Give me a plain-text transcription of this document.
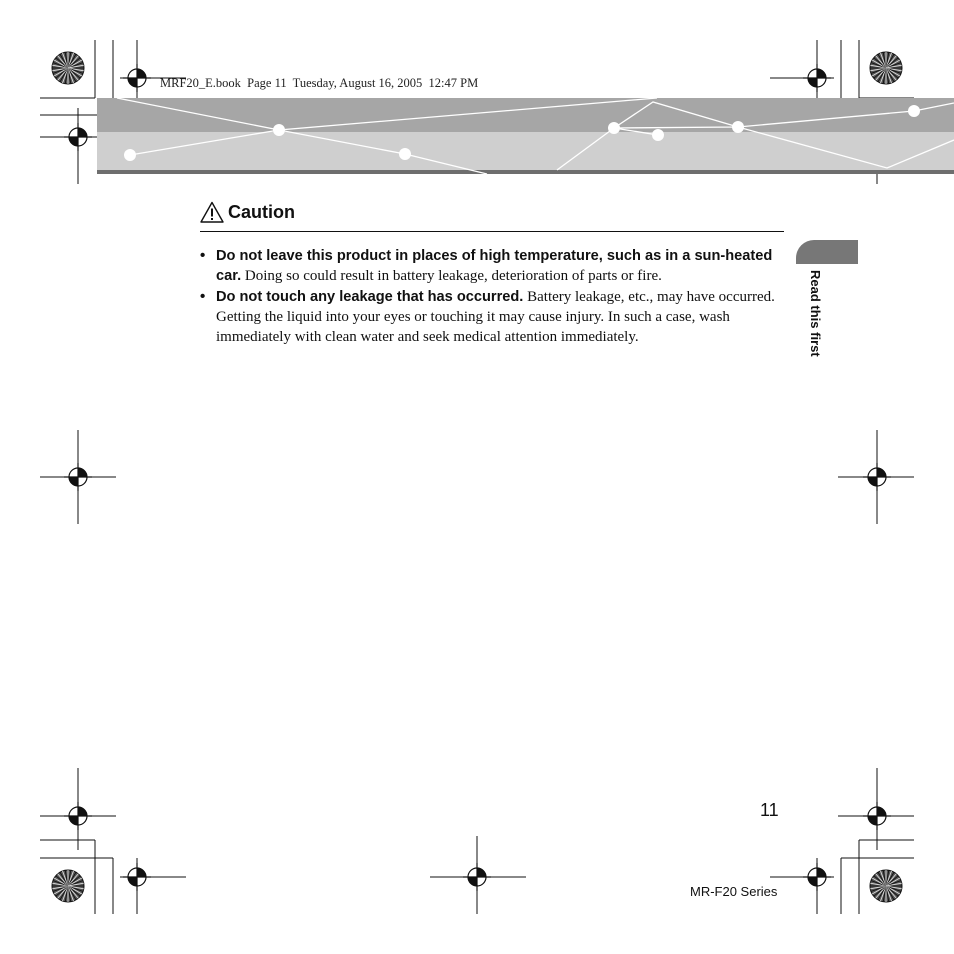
MRF20_E.book  Page 11  Tuesday, August 16, 2005  12:47 PM
Caution
• Do not leave this product in places of high temperature, such as in a sun-heated car. Doing so could result in battery leakage, deterioration of parts or fire.
• Do not touch any leakage that has occurred. Battery leakage, etc., may have occurred. Getting the liquid into your eyes or touching it may cause injury. In such a case, wash immediately with clean water and seek medical attention immediately.	Read this first
11
MR-F20 Series
